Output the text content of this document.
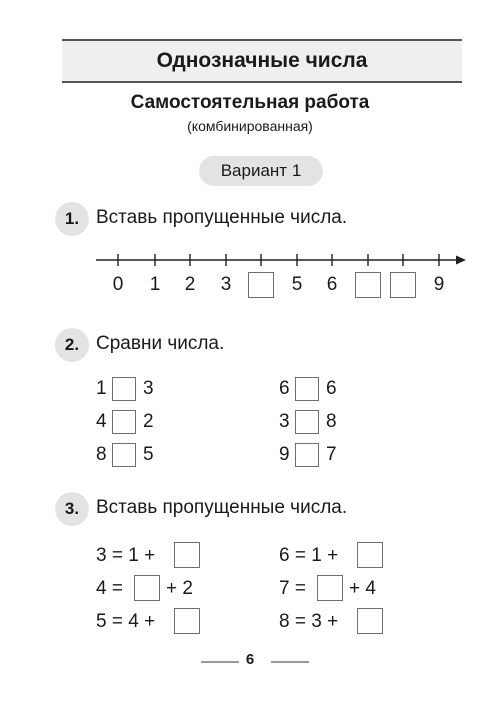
Однозначные числа
Самостоятельная работа
(комбинированная)
Вариант 1
1. Вставь пропущенные числа.
0	1	2	3	5	6	9
2. Сравни числа.
1 3
4 2
8 5
6 6
3 8
9 7
3. Вставь пропущенные числа.
3 = 1 +
4 = + 2
5 = 4 +
6 = 1 +
7 = + 4
8 = 3 +
6
